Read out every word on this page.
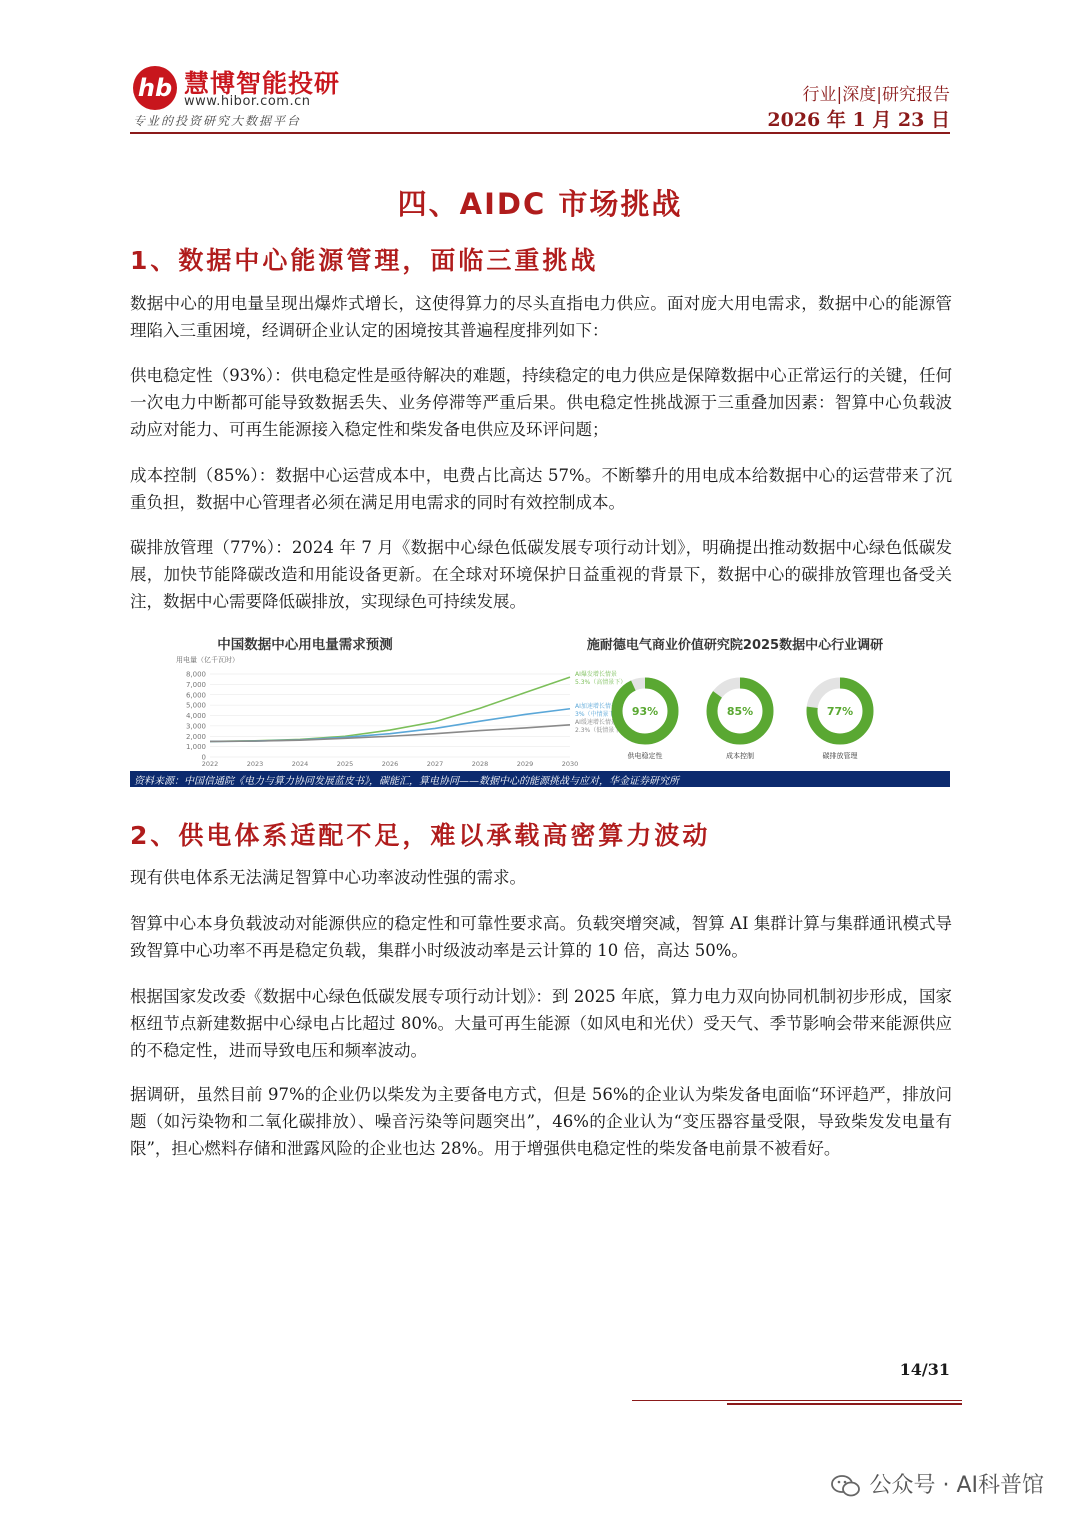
hb 慧博智能投研
www.hibor.com.cn
专业的投资研究大数据平台
行业|深度|研究报告
2026 年 1 月 23 日
四、AIDC 市场挑战
1、数据中心能源管理，面临三重挑战
数据中心的用电量呈现出爆炸式增长，这使得算力的尽头直指电力供应。面对庞大用电需求，数据中心的能源管理陷入三重困境，经调研企业认定的困境按其普遍程度排列如下：
供电稳定性（93%）：供电稳定性是亟待解决的难题，持续稳定的电力供应是保障数据中心正常运行的关键，任何一次电力中断都可能导致数据丢失、业务停滞等严重后果。供电稳定性挑战源于三重叠加因素：智算中心负载波动应对能力、可再生能源接入稳定性和柴发备电供应及环评问题；
成本控制（85%）：数据中心运营成本中，电费占比高达 57%。不断攀升的用电成本给数据中心的运营带来了沉重负担，数据中心管理者必须在满足用电需求的同时有效控制成本。
碳排放管理（77%）：2024 年 7 月《数据中心绿色低碳发展专项行动计划》，明确提出推动数据中心绿色低碳发展，加快节能降碳改造和用能设备更新。在全球对环境保护日益重视的背景下，数据中心的碳排放管理也备受关注，数据中心需要降低碳排放，实现绿色可持续发展。
中国数据中心用电量需求预测
用电量（亿千瓦时）
0
1,000
2,000
3,000
4,000
5,000
6,000
7,000
8,000
2022	2023	2024	2025	2026	2027	2028	2029	2030
AI爆发增长情景
5.3%（高情景下）
AI加速增长情景
3%（中情景下）
AI缓速增长情景
2.3%（低情景下）
施耐德电气商业价值研究院2025数据中心行业调研
93%
供电稳定性
85%
成本控制
77%
碳排放管理
资料来源：中国信通院《电力与算力协同发展蓝皮书》，碳能汇，算电协同——数据中心的能源挑战与应对，华金证券研究所
2、供电体系适配不足，难以承载高密算力波动
现有供电体系无法满足智算中心功率波动性强的需求。
智算中心本身负载波动对能源供应的稳定性和可靠性要求高。负载突增突减，智算 AI 集群计算与集群通讯模式导致智算中心功率不再是稳定负载，集群小时级波动率是云计算的 10 倍，高达 50%。
根据国家发改委《数据中心绿色低碳发展专项行动计划》：到 2025 年底，算力电力双向协同机制初步形成，国家枢纽节点新建数据中心绿电占比超过 80%。大量可再生能源（如风电和光伏）受天气、季节影响会带来能源供应的不稳定性，进而导致电压和频率波动。
据调研，虽然目前 97%的企业仍以柴发为主要备电方式，但是 56%的企业认为柴发备电面临“环评趋严，排放问题（如污染物和二氧化碳排放）、噪音污染等问题突出”，46%的企业认为“变压器容量受限，导致柴发发电量有限”，担心燃料存储和泄露风险的企业也达 28%。用于增强供电稳定性的柴发备电前景不被看好。
14/31
公众号 · AI科普馆
